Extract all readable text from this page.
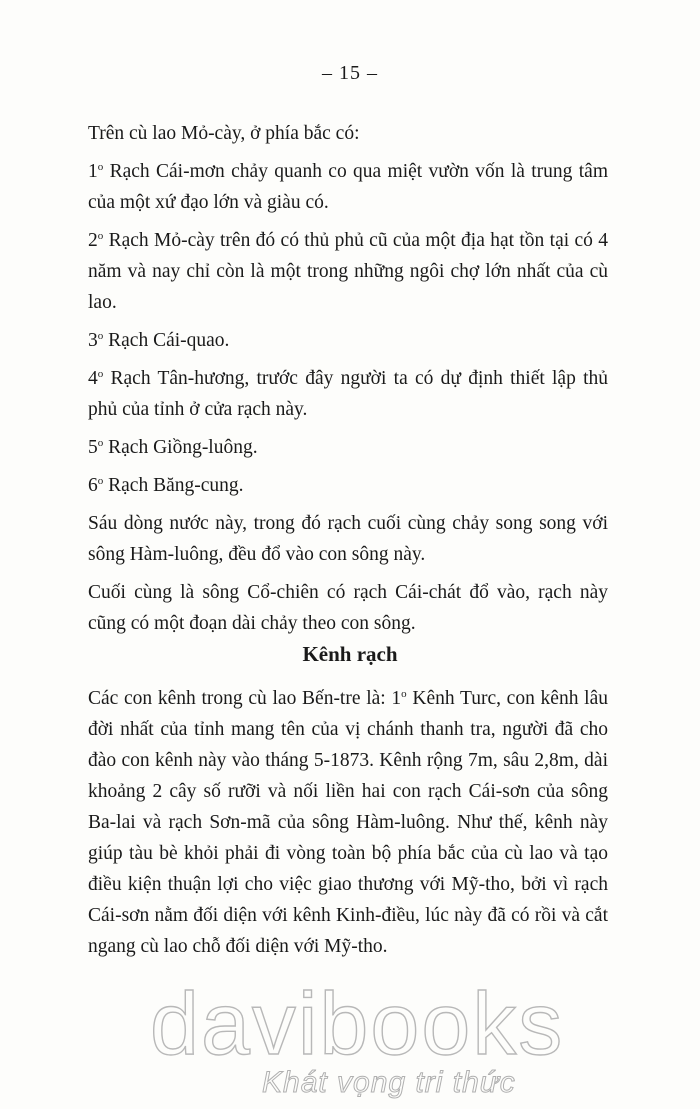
– 15 –

Trên cù lao Mỏ-cày, ở phía bắc có:

1$^o$ Rạch Cái-mơn chảy quanh co qua miệt vườn vốn là trung tâm của một xứ đạo lớn và giàu có.

2$^o$ Rạch Mỏ-cày trên đó có thủ phủ cũ của một địa hạt tồn tại có 4 năm và nay chỉ còn là một trong những ngôi chợ lớn nhất của cù lao.

3$^o$ Rạch Cái-quao.

4$^o$ Rạch Tân-hương, trước đây người ta có dự định thiết lập thủ phủ của tỉnh ở cửa rạch này.

5$^o$ Rạch Giồng-luông.

6$^o$ Rạch Băng-cung.

Sáu dòng nước này, trong đó rạch cuối cùng chảy song song với sông Hàm-luông, đều đổ vào con sông này.

Cuối cùng là sông Cổ-chiên có rạch Cái-chát đổ vào, rạch này cũng có một đoạn dài chảy theo con sông.

Kênh rạch

Các con kênh trong cù lao Bến-tre là: 1$^o$ Kênh Turc, con kênh lâu đời nhất của tỉnh mang tên của vị chánh thanh tra, người đã cho đào con kênh này vào tháng 5-1873. Kênh rộng 7m, sâu 2,8m, dài khoảng 2 cây số rưỡi và nối liền hai con rạch Cái-sơn của sông Ba-lai và rạch Sơn-mã của sông Hàm-luông. Như thế, kênh này giúp tàu bè khỏi phải đi vòng toàn bộ phía bắc của cù lao và tạo điều kiện thuận lợi cho việc giao thương với Mỹ-tho, bởi vì rạch Cái-sơn nằm đối diện với kênh Kinh-điều, lúc này đã có rồi và cắt ngang cù lao chỗ đối diện với Mỹ-tho.

davibooks
Khát vọng tri thức
